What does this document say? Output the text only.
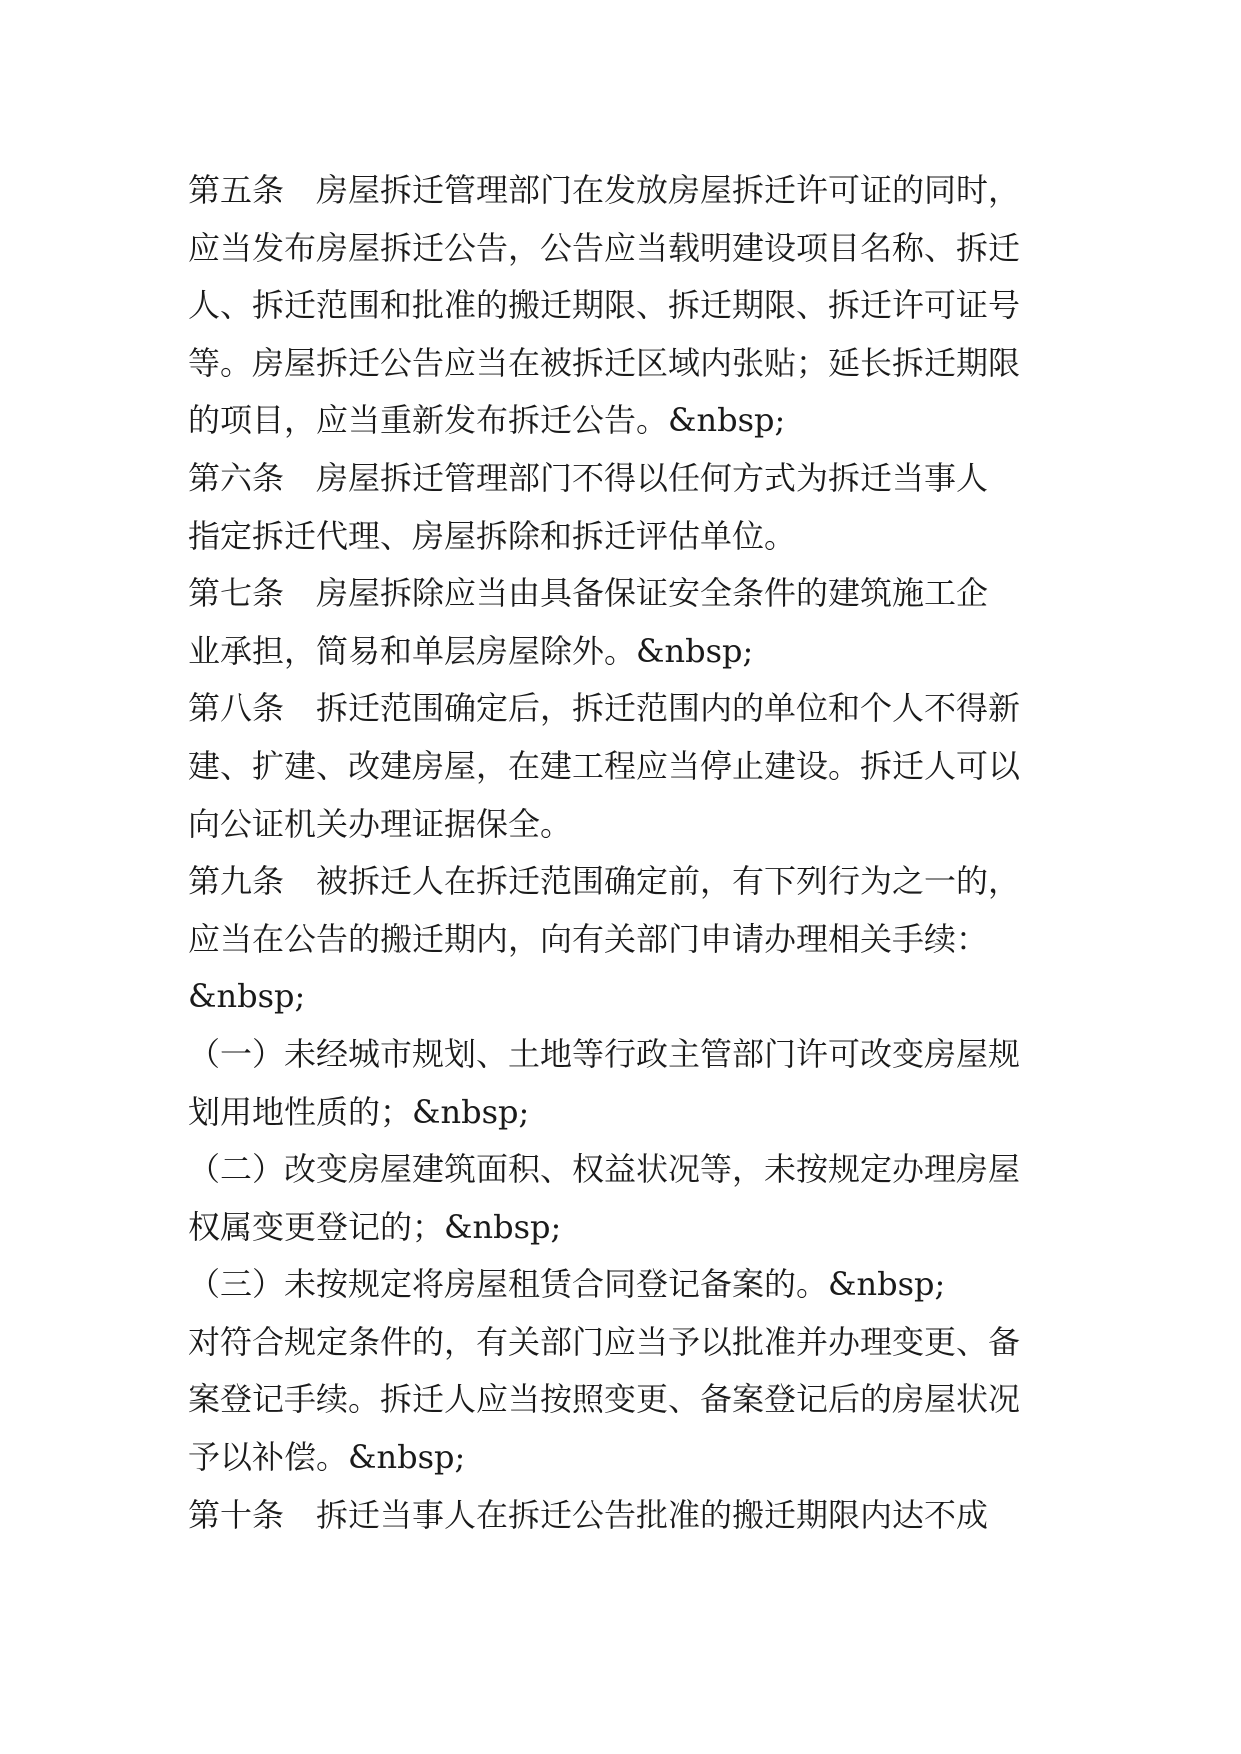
第五条　房屋拆迁管理部门在发放房屋拆迁许可证的同时，
应当发布房屋拆迁公告，公告应当载明建设项目名称、拆迁
人、拆迁范围和批准的搬迁期限、拆迁期限、拆迁许可证号
等。房屋拆迁公告应当在被拆迁区域内张贴；延长拆迁期限
的项目，应当重新发布拆迁公告。&nbsp;
第六条　房屋拆迁管理部门不得以任何方式为拆迁当事人
指定拆迁代理、房屋拆除和拆迁评估单位。
第七条　房屋拆除应当由具备保证安全条件的建筑施工企
业承担，简易和单层房屋除外。&nbsp;
第八条　拆迁范围确定后，拆迁范围内的单位和个人不得新
建、扩建、改建房屋，在建工程应当停止建设。拆迁人可以
向公证机关办理证据保全。
第九条　被拆迁人在拆迁范围确定前，有下列行为之一的，
应当在公告的搬迁期内，向有关部门申请办理相关手续：
&nbsp;
（一）未经城市规划、土地等行政主管部门许可改变房屋规
划用地性质的；&nbsp;
（二）改变房屋建筑面积、权益状况等，未按规定办理房屋
权属变更登记的；&nbsp;
（三）未按规定将房屋租赁合同登记备案的。&nbsp;
对符合规定条件的，有关部门应当予以批准并办理变更、备
案登记手续。拆迁人应当按照变更、备案登记后的房屋状况
予以补偿。&nbsp;
第十条　拆迁当事人在拆迁公告批准的搬迁期限内达不成
